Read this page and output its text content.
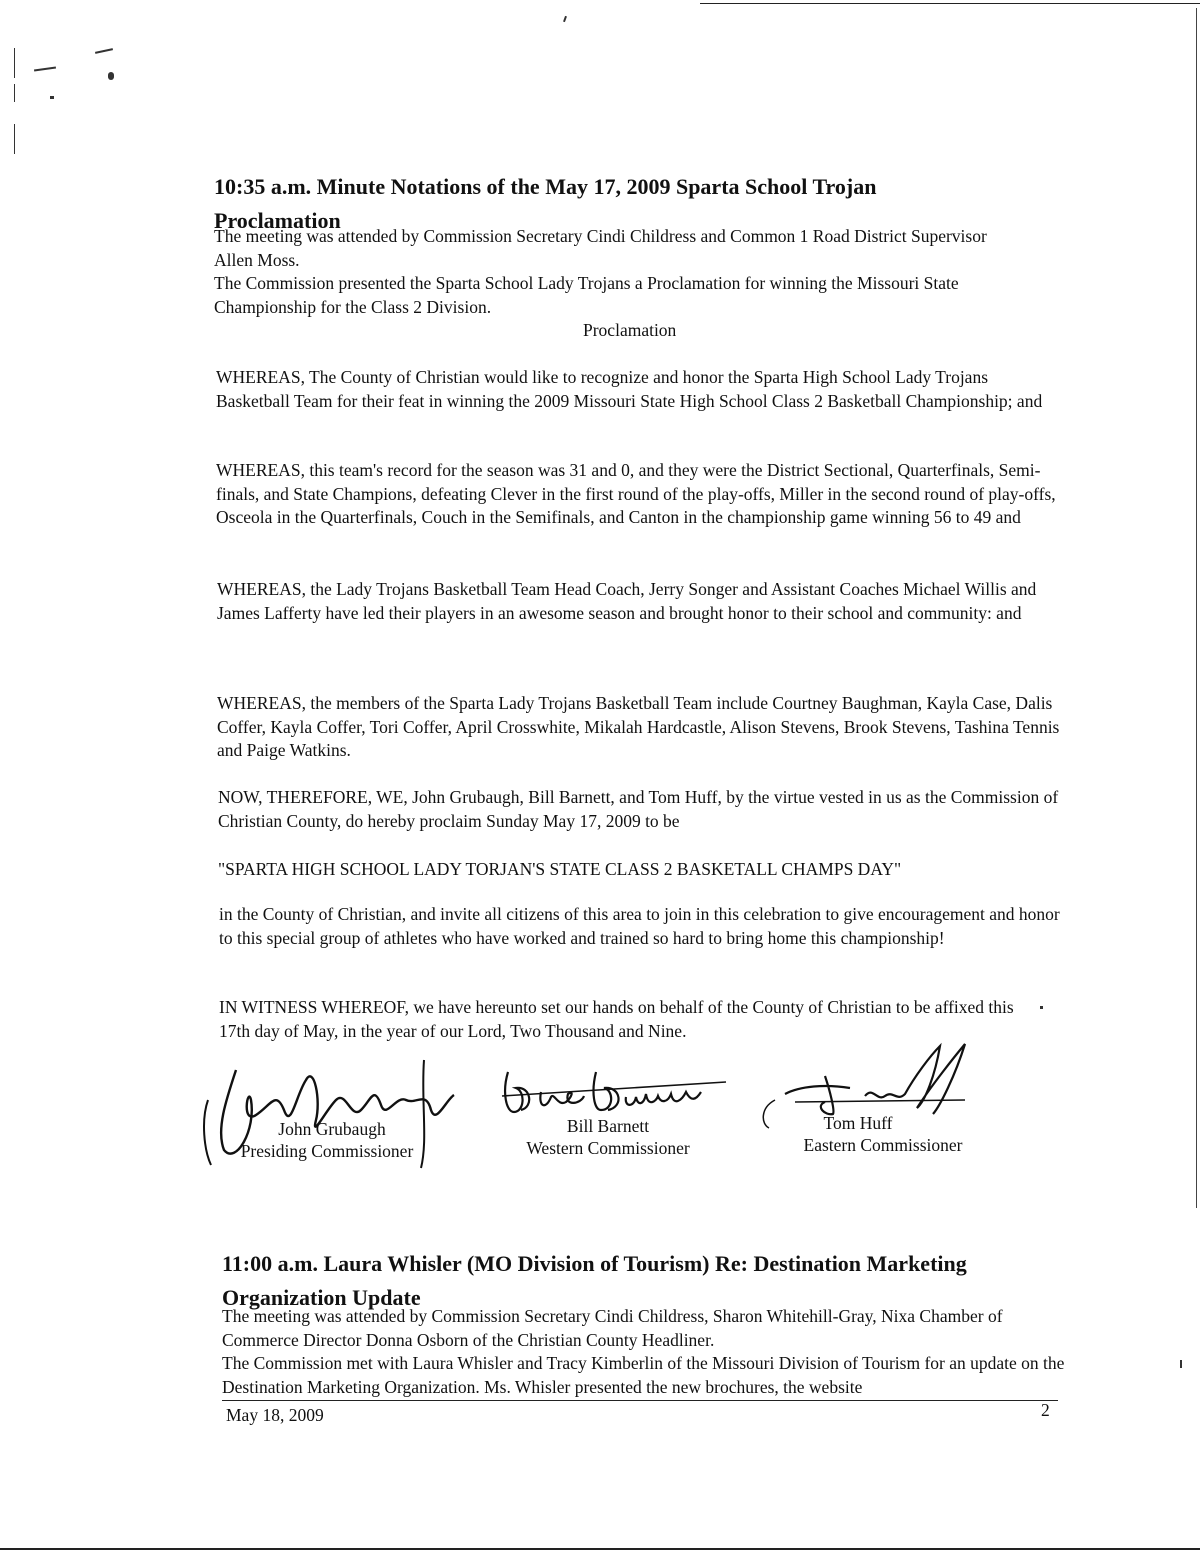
10:35 a.m. Minute Notations of the May 17, 2009 Sparta School Trojan
Proclamation
The meeting was attended by Commission Secretary Cindi Childress and Common 1 Road District Supervisor Allen Moss.
The Commission presented the Sparta School Lady Trojans a Proclamation for winning the Missouri State Championship for the Class 2 Division.
Proclamation
WHEREAS, The County of Christian would like to recognize and honor the Sparta High School Lady Trojans Basketball Team for their feat in winning the 2009 Missouri State High School Class 2 Basketball Championship; and
WHEREAS, this team's record for the season was 31 and 0, and they were the District Sectional, Quarterfinals, Semi-finals, and State Champions, defeating Clever in the first round of the play-offs, Miller in the second round of play-offs, Osceola in the Quarterfinals, Couch in the Semifinals, and Canton in the championship game winning 56 to 49 and
WHEREAS, the Lady Trojans Basketball Team Head Coach, Jerry Songer and Assistant Coaches Michael Willis and James Lafferty have led their players in an awesome season and brought honor to their school and community: and
WHEREAS, the members of the Sparta Lady Trojans Basketball Team include Courtney Baughman, Kayla Case, Dalis Coffer, Kayla Coffer, Tori Coffer, April Crosswhite, Mikalah Hardcastle, Alison Stevens, Brook Stevens, Tashina Tennis and Paige Watkins.
NOW, THEREFORE, WE, John Grubaugh, Bill Barnett, and Tom Huff, by the virtue vested in us as the Commission of Christian County, do hereby proclaim Sunday May 17, 2009 to be
"SPARTA HIGH SCHOOL LADY TORJAN'S STATE CLASS 2 BASKETALL CHAMPS DAY"
in the County of Christian, and invite all citizens of this area to join in this celebration to give encouragement and honor to this special group of athletes who have worked and trained so hard to bring home this championship!
IN WITNESS WHEREOF, we have hereunto set our hands on behalf of the County of Christian to be affixed this 17th day of May, in the year of our Lord, Two Thousand and Nine.
John Grubaugh
Presiding Commissioner
Bill Barnett
Western Commissioner
Tom Huff
Eastern Commissioner
11:00 a.m. Laura Whisler (MO Division of Tourism) Re: Destination Marketing
Organization Update
The meeting was attended by Commission Secretary Cindi Childress, Sharon Whitehill-Gray, Nixa Chamber of Commerce Director Donna Osborn of the Christian County Headliner.
The Commission met with Laura Whisler and Tracy Kimberlin of the Missouri Division of Tourism for an update on the Destination Marketing Organization. Ms. Whisler presented the new brochures, the website
May 18, 2009	2
